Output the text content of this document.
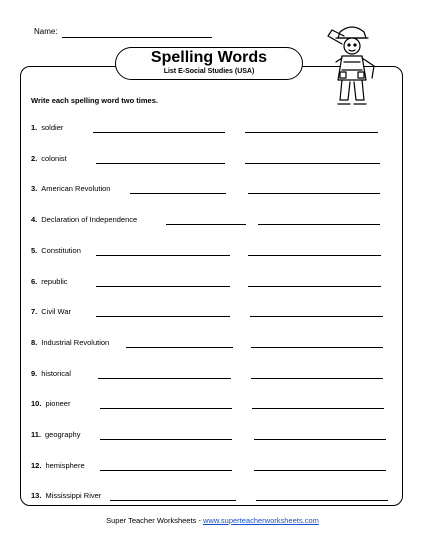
Name:
Spelling Words
List E-Social Studies (USA)
Write each spelling word two times.
1. soldier
2. colonist
3. American Revolution
4. Declaration of Independence
5. Constitution
6. republic
7. Civil War
8. Industrial Revolution
9. historical
10. pioneer
11. geography
12. hemisphere
13. Mississippi River
Super Teacher Worksheets - www.superteacherworksheets.com
